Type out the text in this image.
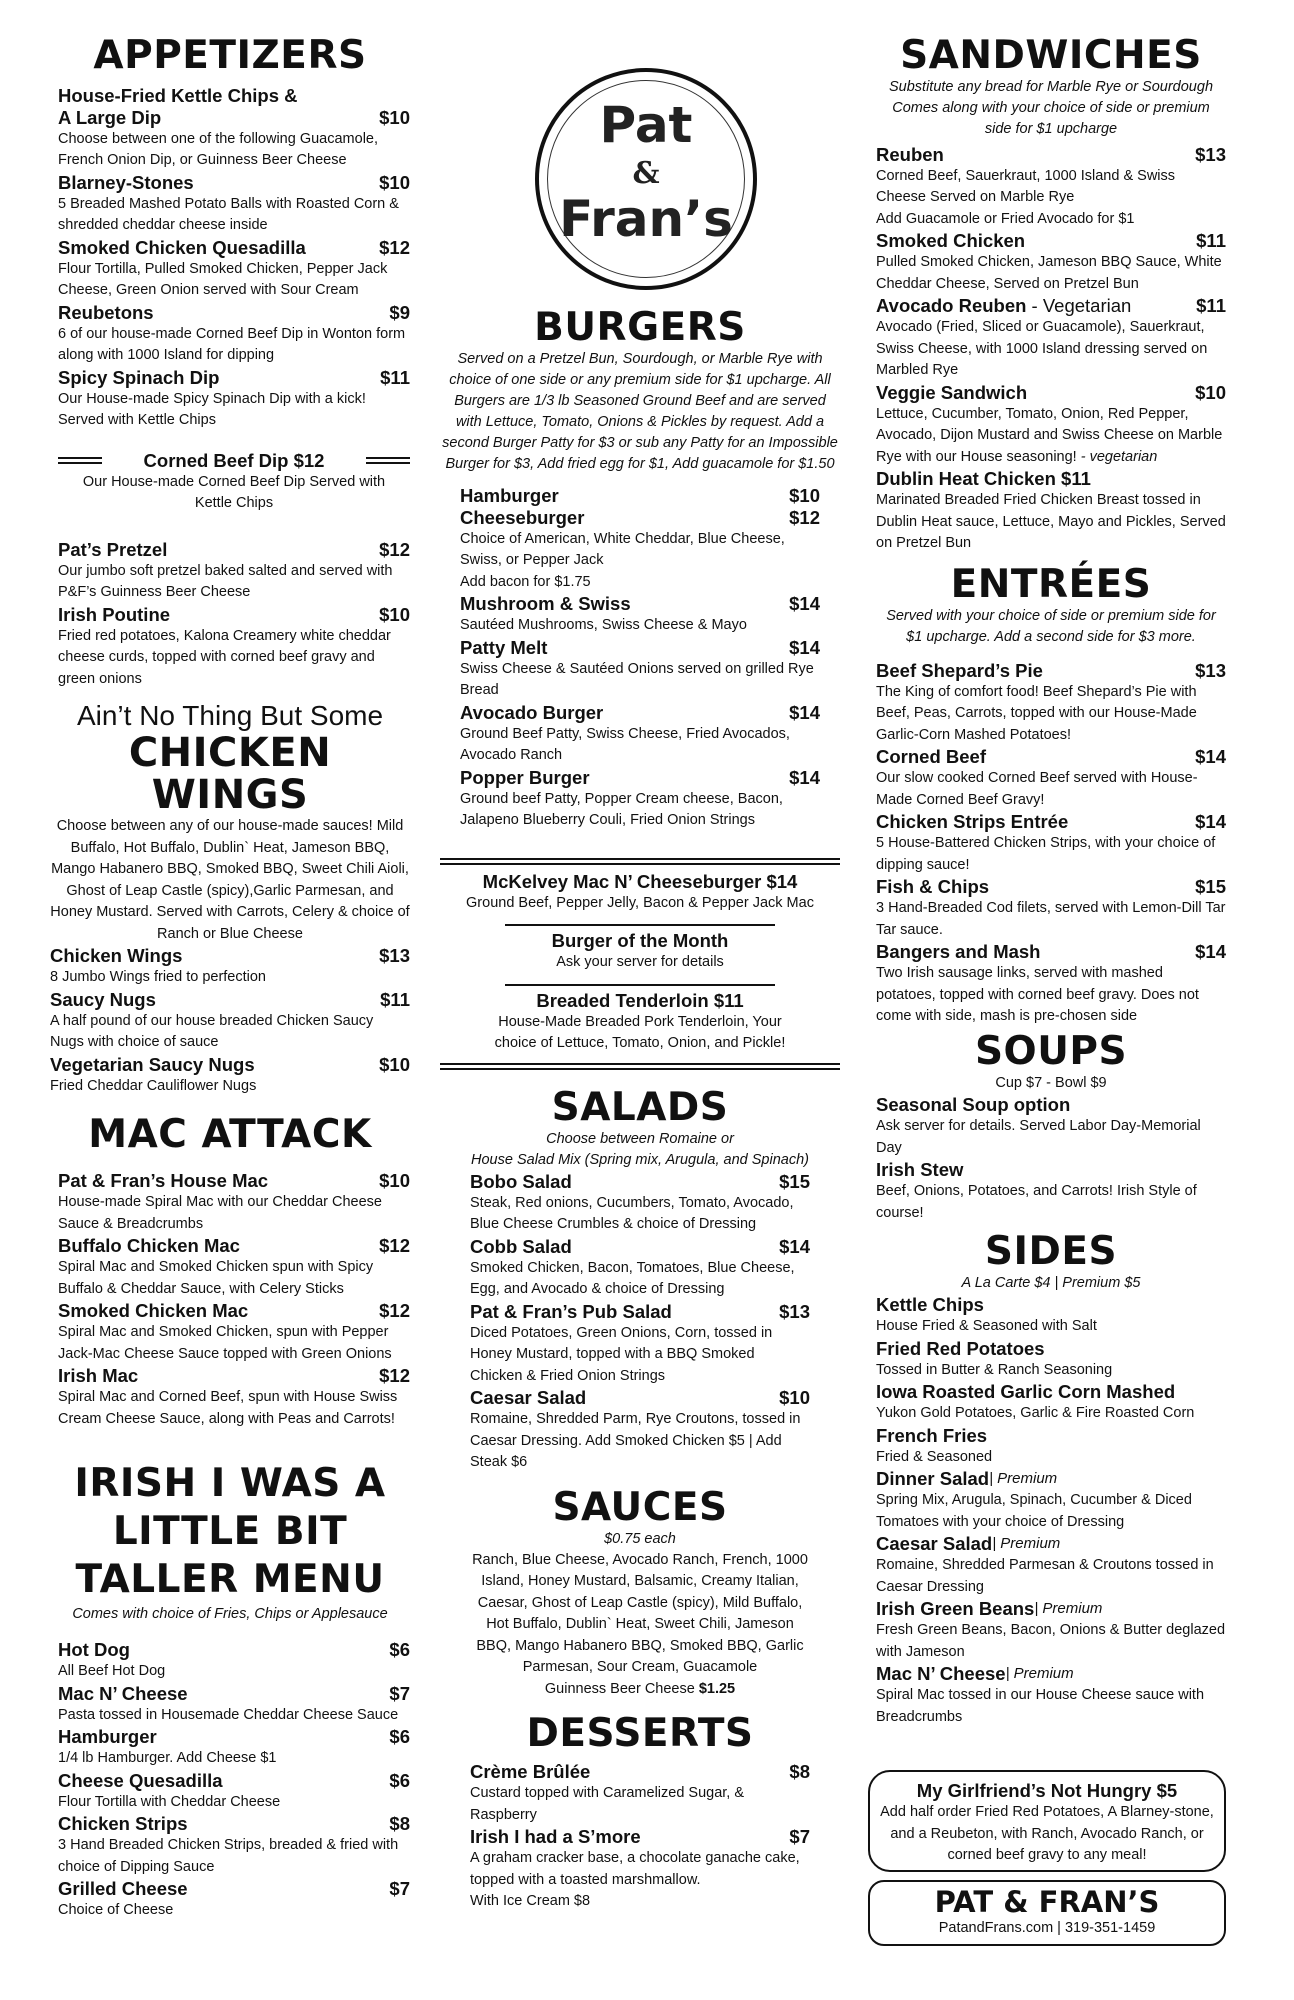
Pat
&
Fran’s
APPETIZERS
House-Fried Kettle Chips &
A Large Dip	$10
Choose between one of the following Guacamole, French Onion Dip, or Guinness Beer Cheese
Blarney-Stones	$10
5 Breaded Mashed Potato Balls with Roasted Corn & shredded cheddar cheese inside
Smoked Chicken Quesadilla	$12
Flour Tortilla, Pulled Smoked Chicken, Pepper Jack Cheese, Green Onion served with Sour Cream
Reubetons	$9
6 of our house-made Corned Beef Dip in Wonton form along with 1000 Island for dipping
Spicy Spinach Dip	$11
Our House-made Spicy Spinach Dip with a kick! Served with Kettle Chips
Corned Beef Dip $12
Our House-made Corned Beef Dip Served with Kettle Chips
Pat’s Pretzel	$12
Our jumbo soft pretzel baked salted and served with P&F’s Guinness Beer Cheese
Irish Poutine	$10
Fried red potatoes, Kalona Creamery white cheddar cheese curds, topped with corned beef gravy and green onions
Ain’t No Thing But Some
CHICKEN WINGS
Choose between any of our house-made sauces! Mild Buffalo, Hot Buffalo, Dublin` Heat, Jameson BBQ, Mango Habanero BBQ, Smoked BBQ, Sweet Chili Aioli, Ghost of Leap Castle (spicy),Garlic Parmesan, and Honey Mustard. Served with Carrots, Celery & choice of Ranch or Blue Cheese
Chicken Wings	$13
8 Jumbo Wings fried to perfection
Saucy Nugs	$11
A half pound of our house breaded Chicken Saucy Nugs with choice of sauce
Vegetarian Saucy Nugs	$10
Fried Cheddar Cauliflower Nugs
MAC ATTACK
Pat & Fran’s House Mac	$10
House-made Spiral Mac with our Cheddar Cheese Sauce & Breadcrumbs
Buffalo Chicken Mac	$12
Spiral Mac and Smoked Chicken spun with Spicy Buffalo & Cheddar Sauce, with Celery Sticks
Smoked Chicken Mac	$12
Spiral Mac and Smoked Chicken, spun with Pepper Jack-Mac Cheese Sauce topped with Green Onions
Irish Mac	$12
Spiral Mac and Corned Beef, spun with House Swiss Cream Cheese Sauce, along with Peas and Carrots!
IRISH I WAS A
LITTLE BIT
TALLER MENU
Comes with choice of Fries, Chips or Applesauce
Hot Dog	$6
All Beef Hot Dog
Mac N’ Cheese	$7
Pasta tossed in Housemade Cheddar Cheese Sauce
Hamburger	$6
1/4 lb Hamburger. Add Cheese $1
Cheese Quesadilla	$6
Flour Tortilla with Cheddar Cheese
Chicken Strips	$8
3 Hand Breaded Chicken Strips, breaded & fried with choice of Dipping Sauce
Grilled Cheese	$7
Choice of Cheese
BURGERS
Served on a Pretzel Bun, Sourdough, or Marble Rye with choice of one side or any premium side for $1 upcharge. All Burgers are 1/3 lb Seasoned Ground Beef and are served with Lettuce, Tomato, Onions & Pickles by request. Add a second Burger Patty for $3 or sub any Patty for an Impossible Burger for $3, Add fried egg for $1, Add guacamole for $1.50
Hamburger	$10
Cheeseburger	$12
Choice of American, White Cheddar, Blue Cheese, Swiss, or Pepper Jack
Add bacon for $1.75
Mushroom & Swiss	$14
Sautéed Mushrooms, Swiss Cheese & Mayo
Patty Melt	$14
Swiss Cheese & Sautéed Onions served on grilled Rye Bread
Avocado Burger	$14
Ground Beef Patty, Swiss Cheese, Fried Avocados, Avocado Ranch
Popper Burger	$14
Ground beef Patty, Popper Cream cheese, Bacon, Jalapeno Blueberry Couli, Fried Onion Strings
McKelvey Mac N’ Cheeseburger $14
Ground Beef, Pepper Jelly, Bacon & Pepper Jack Mac
Burger of the Month
Ask your server for details
Breaded Tenderloin $11
House-Made Breaded Pork Tenderloin, Your choice of Lettuce, Tomato, Onion, and Pickle!
SALADS
Choose between Romaine or
House Salad Mix (Spring mix, Arugula, and Spinach)
Bobo Salad	$15
Steak, Red onions, Cucumbers, Tomato, Avocado, Blue Cheese Crumbles & choice of Dressing
Cobb Salad	$14
Smoked Chicken, Bacon, Tomatoes, Blue Cheese, Egg, and Avocado & choice of Dressing
Pat & Fran’s Pub Salad	$13
Diced Potatoes, Green Onions, Corn, tossed in Honey Mustard, topped with a BBQ Smoked Chicken & Fried Onion Strings
Caesar Salad	$10
Romaine, Shredded Parm, Rye Croutons, tossed in Caesar Dressing. Add Smoked Chicken $5 | Add Steak $6
SAUCES
$0.75 each
Ranch, Blue Cheese, Avocado Ranch, French, 1000 Island, Honey Mustard, Balsamic, Creamy Italian, Caesar, Ghost of Leap Castle (spicy), Mild Buffalo, Hot Buffalo, Dublin` Heat, Sweet Chili, Jameson BBQ, Mango Habanero BBQ, Smoked BBQ, Garlic Parmesan, Sour Cream, Guacamole
Guinness Beer Cheese $1.25
DESSERTS
Crème Brûlée	$8
Custard topped with Caramelized Sugar, & Raspberry
Irish I had a S’more	$7
A graham cracker base, a chocolate ganache cake, topped with a toasted marshmallow.
With Ice Cream $8
SANDWICHES
Substitute any bread for Marble Rye or Sourdough Comes along with your choice of side or premium side for $1 upcharge
Reuben	$13
Corned Beef, Sauerkraut, 1000 Island & Swiss Cheese Served on Marble Rye
Add Guacamole or Fried Avocado for $1
Smoked Chicken	$11
Pulled Smoked Chicken, Jameson BBQ Sauce, White Cheddar Cheese, Served on Pretzel Bun
Avocado Reuben - Vegetarian	$11
Avocado (Fried, Sliced or Guacamole), Sauerkraut, Swiss Cheese, with 1000 Island dressing served on Marbled Rye
Veggie Sandwich	$10
Lettuce, Cucumber, Tomato, Onion, Red Pepper, Avocado, Dijon Mustard and Swiss Cheese on Marble Rye with our House seasoning! - vegetarian
Dublin Heat Chicken $11
Marinated Breaded Fried Chicken Breast tossed in Dublin Heat sauce, Lettuce, Mayo and Pickles, Served on Pretzel Bun
ENTRÉES
Served with your choice of side or premium side for $1 upcharge. Add a second side for $3 more.
Beef Shepard’s Pie	$13
The King of comfort food! Beef Shepard’s Pie with Beef, Peas, Carrots, topped with our House-Made Garlic-Corn Mashed Potatoes!
Corned Beef	$14
Our slow cooked Corned Beef served with House-Made Corned Beef Gravy!
Chicken Strips Entrée	$14
5 House-Battered Chicken Strips, with your choice of dipping sauce!
Fish & Chips	$15
3 Hand-Breaded Cod filets, served with Lemon-Dill Tar Tar sauce.
Bangers and Mash	$14
Two Irish sausage links, served with mashed potatoes, topped with corned beef gravy. Does not come with side, mash is pre-chosen side
SOUPS
Cup $7 - Bowl $9
Seasonal Soup option
Ask server for details. Served Labor Day-Memorial Day
Irish Stew
Beef, Onions, Potatoes, and Carrots! Irish Style of course!
SIDES
A La Carte $4 | Premium $5
Kettle Chips
House Fried & Seasoned with Salt
Fried Red Potatoes
Tossed in Butter & Ranch Seasoning
Iowa Roasted Garlic Corn Mashed
Yukon Gold Potatoes, Garlic & Fire Roasted Corn
French Fries
Fried & Seasoned
Dinner Salad | Premium
Spring Mix, Arugula, Spinach, Cucumber & Diced Tomatoes with your choice of Dressing
Caesar Salad | Premium
Romaine, Shredded Parmesan & Croutons tossed in Caesar Dressing
Irish Green Beans | Premium
Fresh Green Beans, Bacon, Onions & Butter deglazed with Jameson
Mac N’ Cheese | Premium
Spiral Mac tossed in our House Cheese sauce with Breadcrumbs
My Girlfriend’s Not Hungry $5
Add half order Fried Red Potatoes, A Blarney-stone, and a Reubeton, with Ranch, Avocado Ranch, or corned beef gravy to any meal!
PAT & FRAN’S
PatandFrans.com | 319-351-1459
